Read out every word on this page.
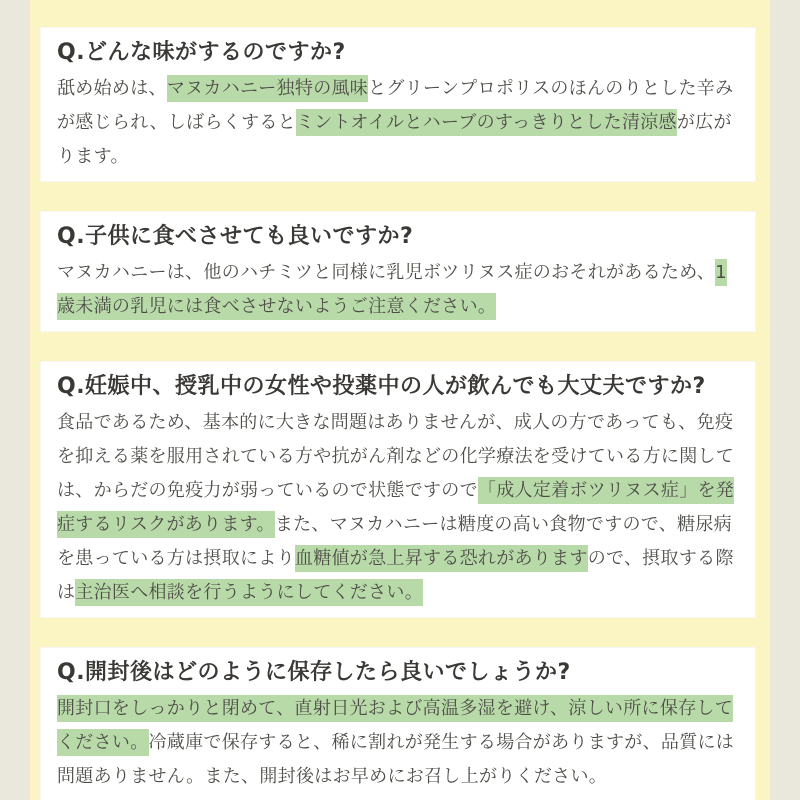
Q.どんな味がするのですか?

舐め始めは、マヌカハニー独特の風味とグリーンプロポリスのほんのりとした辛みが感じられ、しばらくするとミントオイルとハーブのすっきりとした清涼感が広がります。

Q.子供に食べさせても良いですか?

マヌカハニーは、他のハチミツと同様に乳児ボツリヌス症のおそれがあるため、1歳未満の乳児には食べさせないようご注意ください。

Q.妊娠中、授乳中の女性や投薬中の人が飲んでも大丈夫ですか?

食品であるため、基本的に大きな問題はありませんが、成人の方であっても、免疫を抑える薬を服用されている方や抗がん剤などの化学療法を受けている方に関しては、からだの免疫力が弱っているので状態ですので「成人定着ボツリヌス症」を発症するリスクがあります。また、マヌカハニーは糖度の高い食物ですので、糖尿病を患っている方は摂取により血糖値が急上昇する恐れがありますので、摂取する際は主治医へ相談を行うようにしてください。

Q.開封後はどのように保存したら良いでしょうか?

開封口をしっかりと閉めて、直射日光および高温多湿を避け、涼しい所に保存してください。冷蔵庫で保存すると、稀に割れが発生する場合がありますが、品質には問題ありません。また、開封後はお早めにお召し上がりください。
